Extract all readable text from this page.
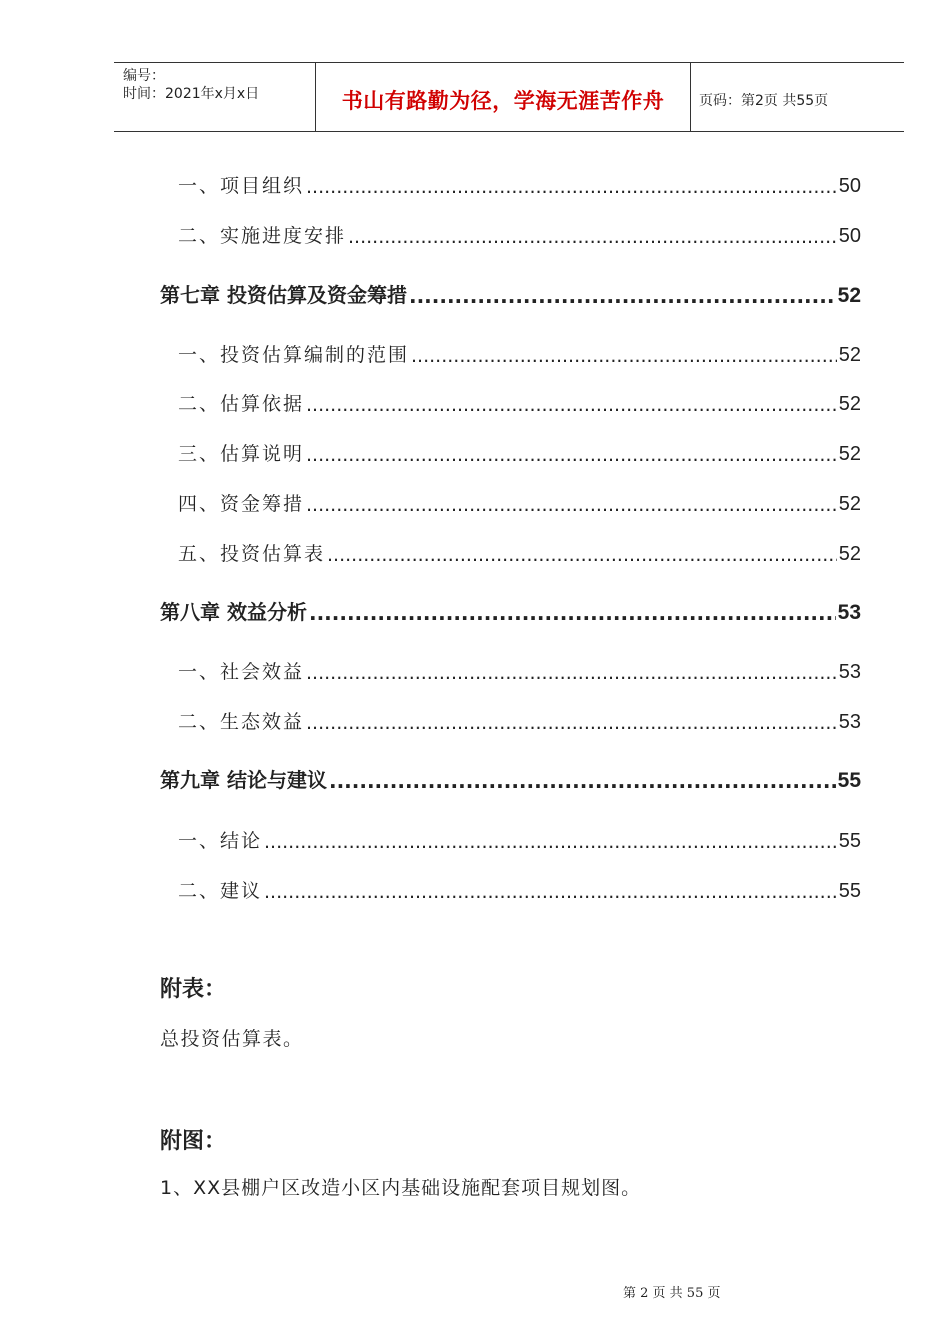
编号：
时间：2021年x月x日	书山有路勤为径，学海无涯苦作舟 页码：第2页 共55页
一、项目组织 .....	50
二、实施进度安排 .....	50
第七章 投资估算及资金筹措 .....	52
一、投资估算编制的范围 .....	52
二、估算依据 .....	52
三、估算说明 .....	52
四、资金筹措 .....	52
五、投资估算表 .....	52
第八章 效益分析 .....	53
一、社会效益 .....	53
二、生态效益 .....	53
第九章 结论与建议 .....	55
一、结论 .....	55
二、建议 .....	55
附表：
总投资估算表。
附图：
1、XX县棚户区改造小区内基础设施配套项目规划图。
第 2 页 共 55 页
